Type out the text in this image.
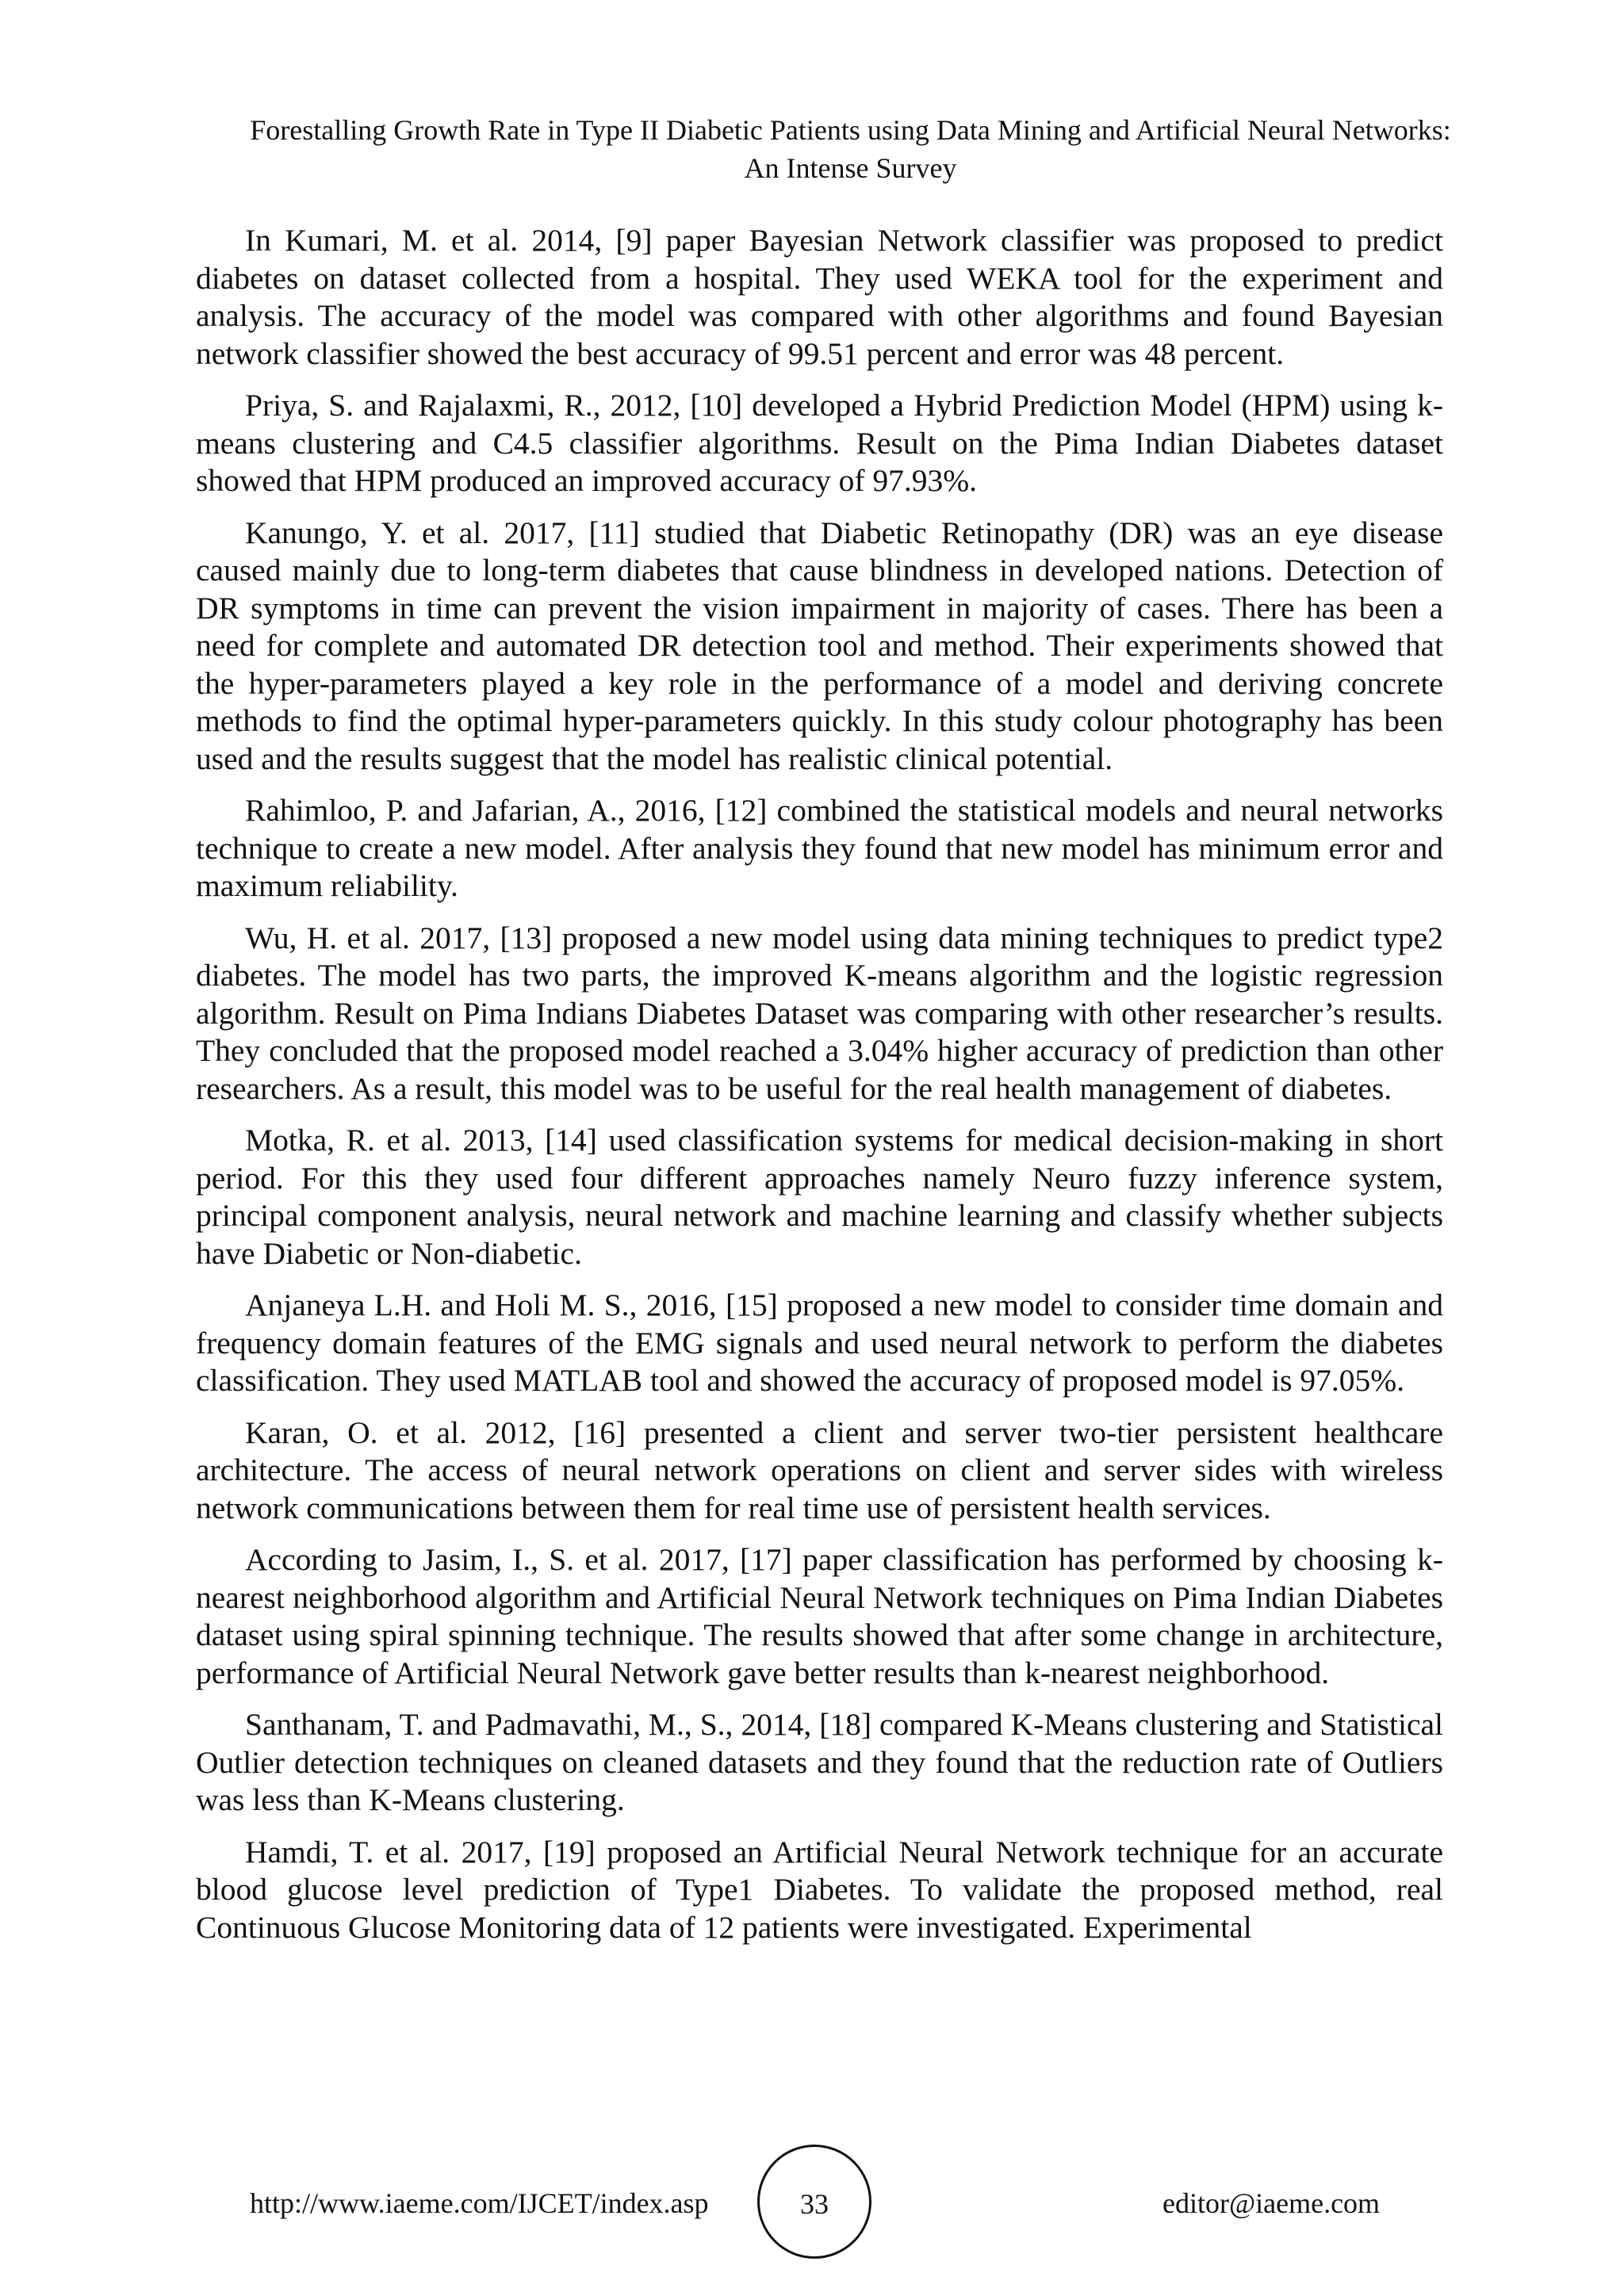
Forestalling Growth Rate in Type II Diabetic Patients using Data Mining and Artificial Neural Networks: An Intense Survey

In Kumari, M. et al. 2014, [9] paper Bayesian Network classifier was proposed to predict diabetes on dataset collected from a hospital. They used WEKA tool for the experiment and analysis. The accuracy of the model was compared with other algorithms and found Bayesian network classifier showed the best accuracy of 99.51 percent and error was 48 percent.

Priya, S. and Rajalaxmi, R., 2012, [10] developed a Hybrid Prediction Model (HPM) using k-means clustering and C4.5 classifier algorithms. Result on the Pima Indian Diabetes dataset showed that HPM produced an improved accuracy of 97.93%.

Kanungo, Y. et al. 2017, [11] studied that Diabetic Retinopathy (DR) was an eye disease caused mainly due to long-term diabetes that cause blindness in developed nations. Detection of DR symptoms in time can prevent the vision impairment in majority of cases. There has been a need for complete and automated DR detection tool and method. Their experiments showed that the hyper-parameters played a key role in the performance of a model and deriving concrete methods to find the optimal hyper-parameters quickly. In this study colour photography has been used and the results suggest that the model has realistic clinical potential.

Rahimloo, P. and Jafarian, A., 2016, [12] combined the statistical models and neural networks technique to create a new model. After analysis they found that new model has minimum error and maximum reliability.

Wu, H. et al. 2017, [13] proposed a new model using data mining techniques to predict type2 diabetes. The model has two parts, the improved K-means algorithm and the logistic regression algorithm. Result on Pima Indians Diabetes Dataset was comparing with other researcher’s results. They concluded that the proposed model reached a 3.04% higher accuracy of prediction than other researchers. As a result, this model was to be useful for the real health management of diabetes.

Motka, R. et al. 2013, [14] used classification systems for medical decision-making in short period. For this they used four different approaches namely Neuro fuzzy inference system, principal component analysis, neural network and machine learning and classify whether subjects have Diabetic or Non-diabetic.

Anjaneya L.H. and Holi M. S., 2016, [15] proposed a new model to consider time domain and frequency domain features of the EMG signals and used neural network to perform the diabetes classification. They used MATLAB tool and showed the accuracy of proposed model is 97.05%.

Karan, O. et al. 2012, [16] presented a client and server two-tier persistent healthcare architecture. The access of neural network operations on client and server sides with wireless network communications between them for real time use of persistent health services.

According to Jasim, I., S. et al. 2017, [17] paper classification has performed by choosing k-nearest neighborhood algorithm and Artificial Neural Network techniques on Pima Indian Diabetes dataset using spiral spinning technique. The results showed that after some change in architecture, performance of Artificial Neural Network gave better results than k-nearest neighborhood.

Santhanam, T. and Padmavathi, M., S., 2014, [18] compared K-Means clustering and Statistical Outlier detection techniques on cleaned datasets and they found that the reduction rate of Outliers was less than K-Means clustering.

Hamdi, T. et al. 2017, [19] proposed an Artificial Neural Network technique for an accurate blood glucose level prediction of Type1 Diabetes. To validate the proposed method, real Continuous Glucose Monitoring data of 12 patients were investigated. Experimental

http://www.iaeme.com/IJCET/index.asp	33	editor@iaeme.com
